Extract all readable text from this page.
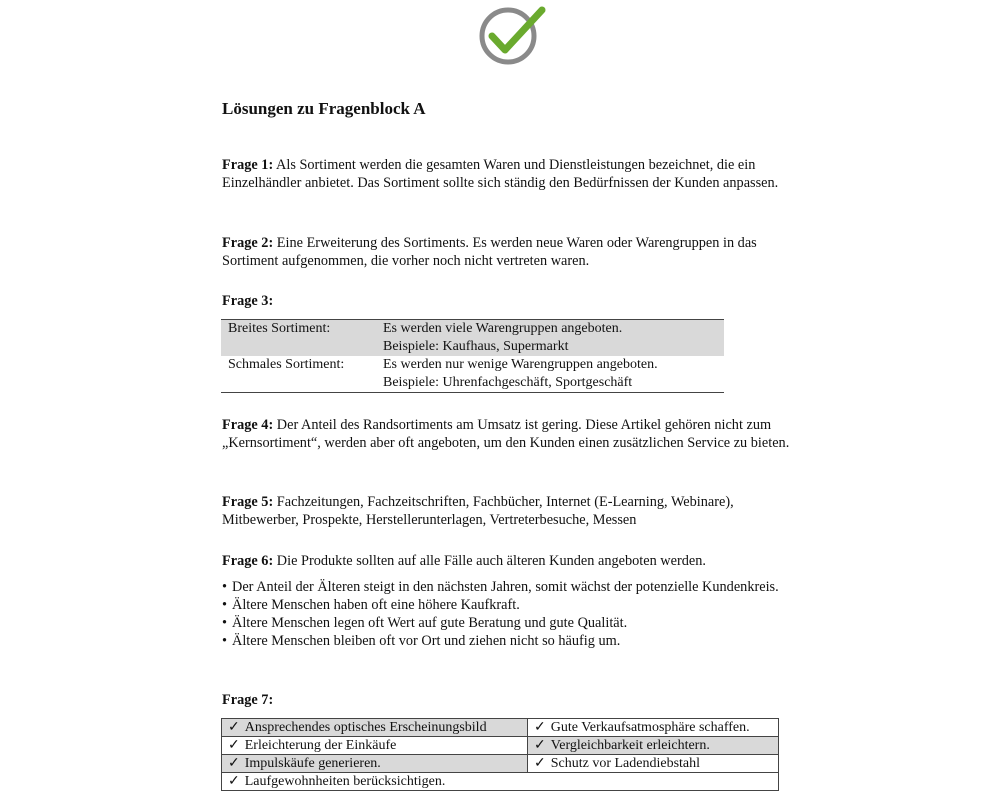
Lösungen zu Fragenblock A

Frage 1: Als Sortiment werden die gesamten Waren und Dienstleistungen bezeichnet, die ein Einzelhändler anbietet. Das Sortiment sollte sich ständig den Bedürfnissen der Kunden anpassen.

Frage 2: Eine Erweiterung des Sortiments. Es werden neue Waren oder Warengruppen in das Sortiment aufgenommen, die vorher noch nicht vertreten waren.

Frage 3:

Breites Sortiment:	Es werden viele Warengruppen angeboten.
Beispiele: Kaufhaus, Supermarkt

Schmales Sortiment:	Es werden nur wenige Warengruppen angeboten.
Beispiele: Uhrenfachgeschäft, Sportgeschäft

Frage 4: Der Anteil des Randsortiments am Umsatz ist gering. Diese Artikel gehören nicht zum „Kernsortiment“, werden aber oft angeboten, um den Kunden einen zusätzlichen Service zu bieten.

Frage 5: Fachzeitungen, Fachzeitschriften, Fachbücher, Internet (E-Learning, Webinare), Mitbewerber, Prospekte, Herstellerunterlagen, Vertreterbesuche, Messen

Frage 6: Die Produkte sollten auf alle Fälle auch älteren Kunden angeboten werden.

• Der Anteil der Älteren steigt in den nächsten Jahren, somit wächst der potenzielle Kundenkreis.
• Ältere Menschen haben oft eine höhere Kaufkraft.
• Ältere Menschen legen oft Wert auf gute Beratung und gute Qualität.
• Ältere Menschen bleiben oft vor Ort und ziehen nicht so häufig um.

Frage 7:

✓ Ansprechendes optisches Erscheinungsbild	✓ Gute Verkaufsatmosphäre schaffen.
✓ Erleichterung der Einkäufe	✓ Vergleichbarkeit erleichtern.
✓ Impulskäufe generieren.	✓ Schutz vor Ladendiebstahl
✓ Laufgewohnheiten berücksichtigen.	
